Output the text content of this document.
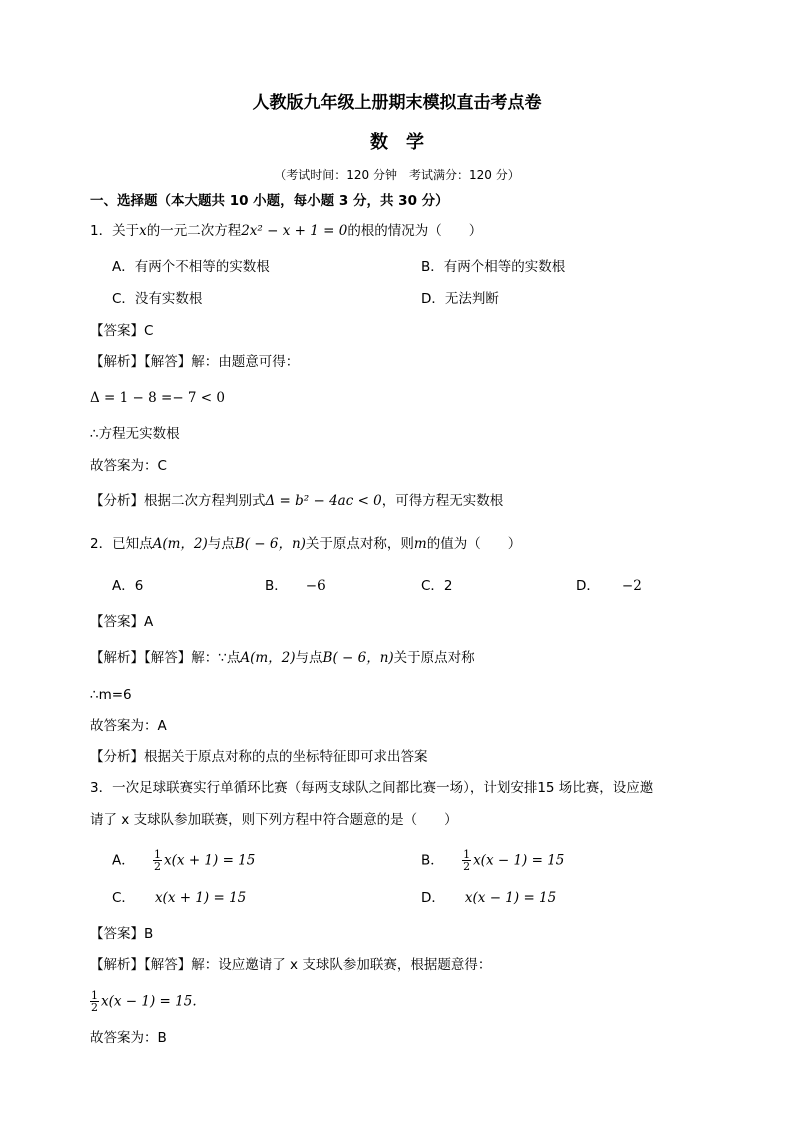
人教版九年级上册期末模拟直击考点卷
数　学
（考试时间：120 分钟　考试满分：120 分）
一、选择题（本大题共 10 小题，每小题 3 分，共 30 分）
1．关于x的一元二次方程2x² − x + 1 = 0的根的情况为（　　）
A．有两个不相等的实数根	B．有两个相等的实数根
C．没有实数根	D．无法判断
【答案】C
【解析】【解答】解：由题意可得：
Δ = 1 − 8 =− 7 < 0
∴方程无实数根
故答案为：C
【分析】根据二次方程判别式Δ = b² − 4ac < 0，可得方程无实数根
2．已知点A(m，2)与点B( − 6，n)关于原点对称，则m的值为（　　）
A．6	B． −6	C．2	D． −2
【答案】A
【解析】【解答】解：∵点A(m，2)与点B( − 6，n)关于原点对称
∴m=6
故答案为：A
【分析】根据关于原点对称的点的坐标特征即可求出答案
3．一次足球联赛实行单循环比赛（每两支球队之间都比赛一场），计划安排15 场比赛，设应邀
请了 x 支球队参加联赛，则下列方程中符合题意的是（　　）
A． $\frac{1}{2} x(x + 1) = 15$	B． $\frac{1}{2} x(x - 1) = 15$
C． x(x + 1) = 15	D． x(x − 1) = 15
【答案】B
【解析】【解答】解：设应邀请了 x 支球队参加联赛，根据题意得：
$\frac{1}{2} x(x - 1) = 15$.
故答案为：B
